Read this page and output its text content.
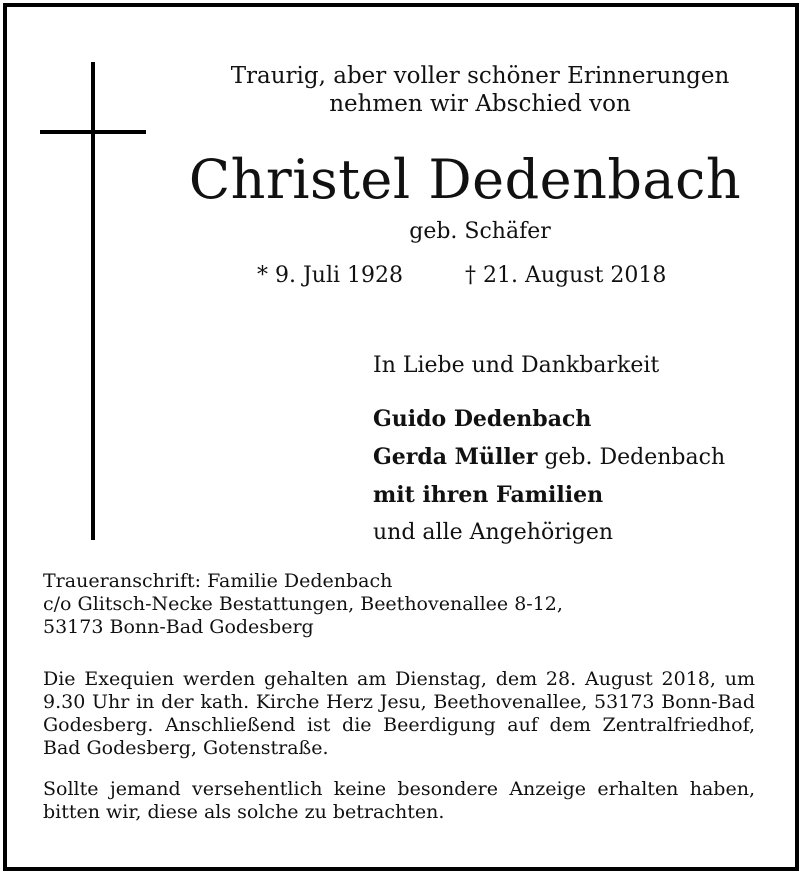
Traurig, aber voller schöner Erinnerungen
nehmen wir Abschied von
Christel Dedenbach
geb. Schäfer
* 9. Juli 1928	† 21. August 2018
In Liebe und Dankbarkeit
Guido Dedenbach
Gerda Müller geb. Dedenbach
mit ihren Familien
und alle Angehörigen
Traueranschrift: Familie Dedenbach
c/o Glitsch-Necke Bestattungen, Beethovenallee 8-12,
53173 Bonn-Bad Godesberg
Die Exequien werden gehalten am Dienstag, dem 28. August 2018, um 9.30 Uhr in der kath. Kirche Herz Jesu, Beethovenallee, 53173 Bonn-Bad Godesberg. Anschließend ist die Beerdigung auf dem Zentralfriedhof, Bad Godesberg, Gotenstraße.
Sollte jemand versehentlich keine besondere Anzeige erhalten haben, bitten wir, diese als solche zu betrachten.
